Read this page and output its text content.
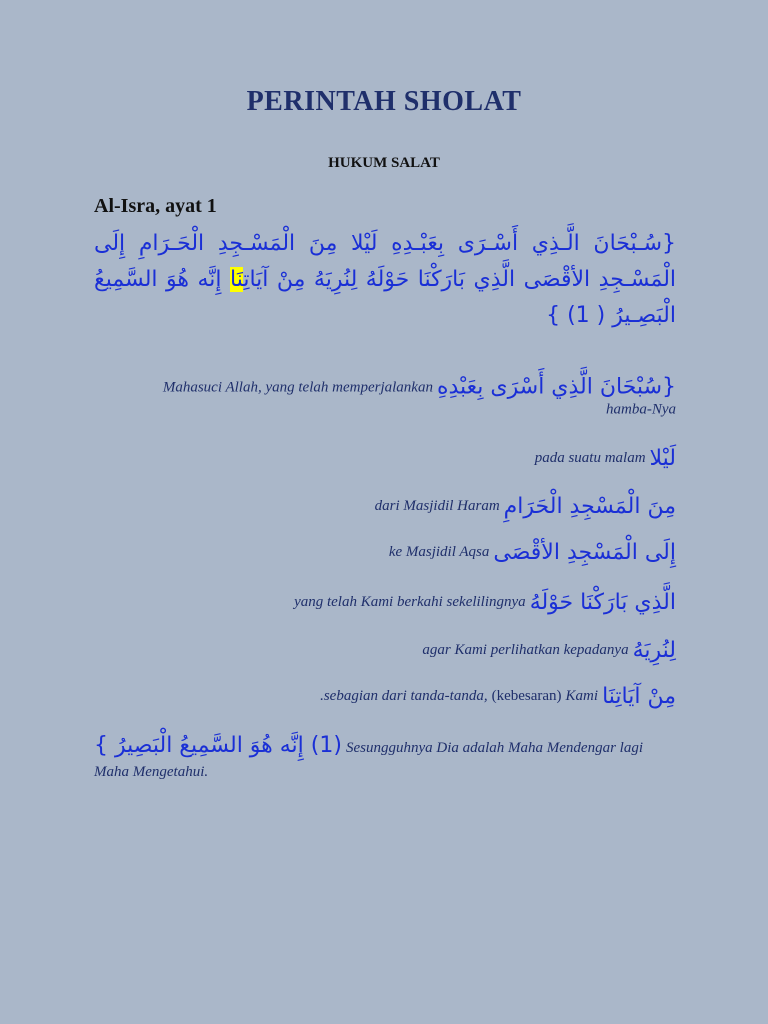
PERINTAH SHOLAT
HUKUM SALAT
Al-Isra, ayat 1
{سُـبْحَانَ الَّـذِي أَسْـرَى بِعَبْـدِهِ لَيْلا مِنَ الْمَسْـجِدِ الْحَـرَامِ إِلَى الْمَسْـجِدِ الأقْصَى الَّذِي بَارَكْنَا حَوْلَهُ لِنُرِيَهُ مِنْ آيَاتِنَا إِنَّه هُوَ السَّمِيعُ الْبَصِـيرُ ( 1) }
Mahasuci Allah, yang telah memperjalankan {سُبْحَانَ الَّذِي أَسْرَى بِعَبْدِهِ
hamba-Nya
pada suatu malam لَيْلا
dari Masjidil Haram مِنَ الْمَسْجِدِ الْحَرَامِ
ke Masjidil Aqsa إِلَى الْمَسْجِدِ الأقْصَى
yang telah Kami berkahi sekelilingnya الَّذِي بَارَكْنَا حَوْلَهُ
agar Kami perlihatkan kepadanya لِنُرِيَهُ
.sebagian dari tanda-tanda, (kebesaran) Kami مِنْ آيَاتِنَا
(1) إِنَّه هُوَ السَّمِيعُ الْبَصِيرُ } Sesungguhnya Dia adalah Maha Mendengar lagi Maha Mengetahui.
